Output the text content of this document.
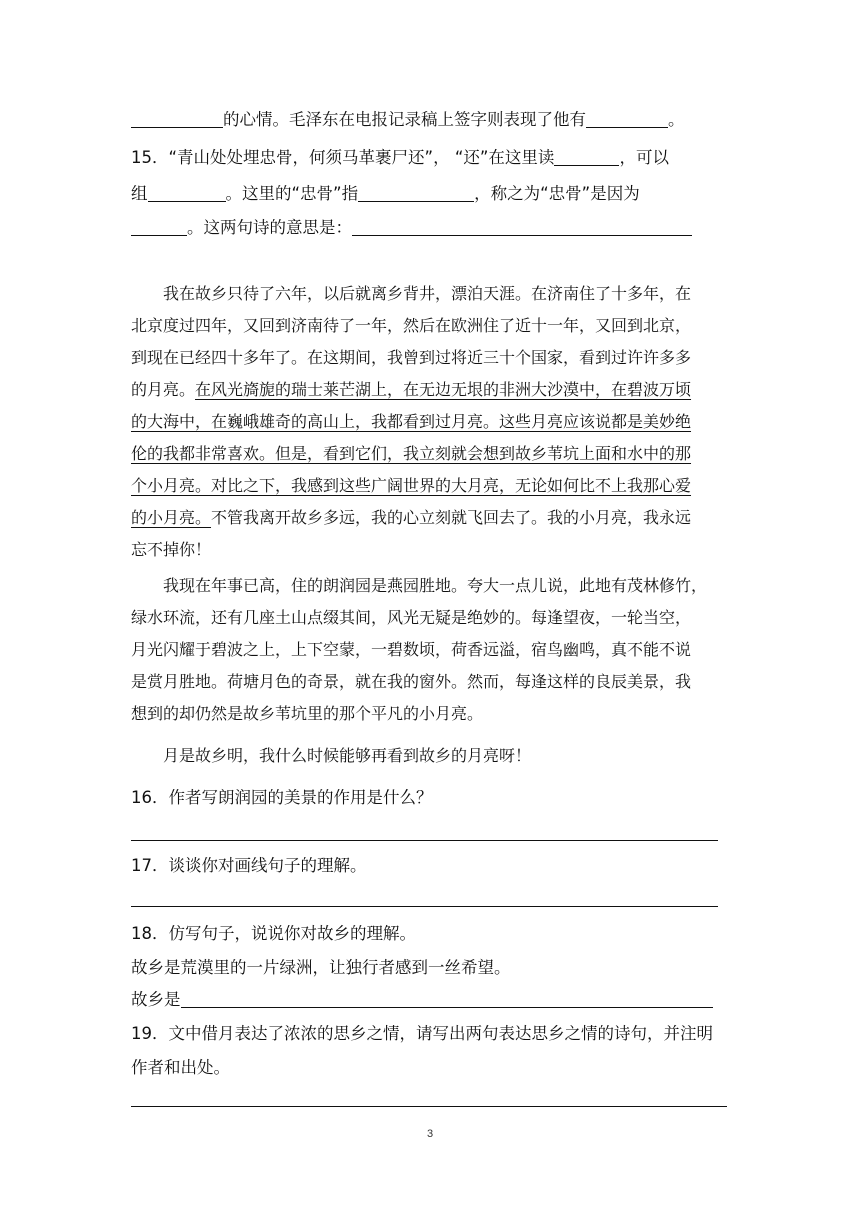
的心情。毛泽东在电报记录稿上签字则表现了他有	。
15．“青山处处埋忠骨，何须马革裹尸还”， “还”在这里读	，可以
组	。这里的“忠骨”指	，称之为“忠骨”是因为
。这两句诗的意思是：
我在故乡只待了六年，以后就离乡背井，漂泊天涯。在济南住了十多年，在
北京度过四年，又回到济南待了一年，然后在欧洲住了近十一年，又回到北京，
到现在已经四十多年了。在这期间，我曾到过将近三十个国家，看到过许许多多
的月亮。在风光旖旎的瑞士莱芒湖上，在无边无垠的非洲大沙漠中，在碧波万顷
的大海中，在巍峨雄奇的高山上，我都看到过月亮。这些月亮应该说都是美妙绝
伦的我都非常喜欢。但是，看到它们，我立刻就会想到故乡苇坑上面和水中的那
个小月亮。对比之下，我感到这些广阔世界的大月亮，无论如何比不上我那心爱
的小月亮。不管我离开故乡多远，我的心立刻就飞回去了。我的小月亮，我永远
忘不掉你！
我现在年事已高，住的朗润园是燕园胜地。夸大一点儿说，此地有茂林修竹，
绿水环流，还有几座土山点缀其间，风光无疑是绝妙的。每逢望夜，一轮当空，
月光闪耀于碧波之上，上下空蒙，一碧数顷，荷香远溢，宿鸟幽鸣，真不能不说
是赏月胜地。荷塘月色的奇景，就在我的窗外。然而，每逢这样的良辰美景，我
想到的却仍然是故乡苇坑里的那个平凡的小月亮。
月是故乡明，我什么时候能够再看到故乡的月亮呀！
16．作者写朗润园的美景的作用是什么？
17．谈谈你对画线句子的理解。
18．仿写句子，说说你对故乡的理解。
故乡是荒漠里的一片绿洲，让独行者感到一丝希望。
故乡是
19．文中借月表达了浓浓的思乡之情，请写出两句表达思乡之情的诗句，并注明
作者和出处。
3
